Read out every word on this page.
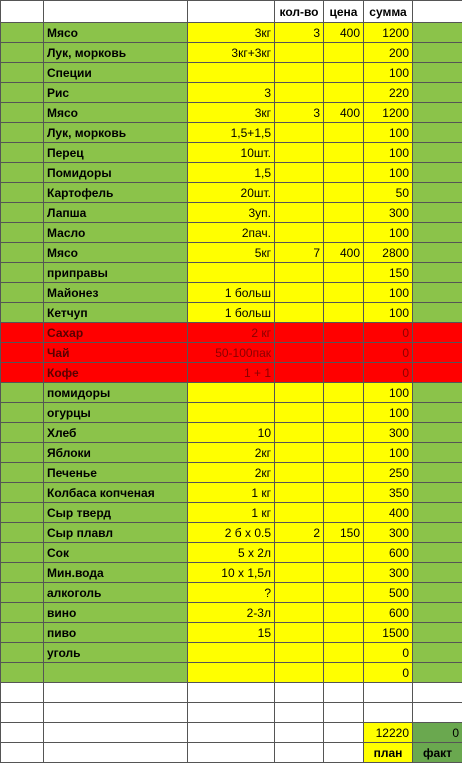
			кол-во	цена	сумма	
	Мясо	3кг	3	400	1200	
	Лук, морковь	3кг+3кг			200	
	Специи				100	
	Рис	3			220	
	Мясо	3кг	3	400	1200	
	Лук, морковь	1,5+1,5			100	
	Перец	10шт.			100	
	Помидоры	1,5			100	
	Картофель	20шт.			50	
	Лапша	3уп.			300	
	Масло	2пач.			100	
	Мясо	5кг	7	400	2800	
	приправы				150	
	Майонез	1 больш			100	
	Кетчуп	1 больш			100	
	Сахар	2 кг			0	
	Чай	50-100пак			0	
	Кофе	1 + 1			0	
	помидоры				100	
	огурцы				100	
	Хлеб	10			300	
	Яблоки	2кг			100	
	Печенье	2кг			250	
	Колбаса копченая	1 кг			350	
	Сыр тверд	1 кг			400	
	Сыр плавл	2 б х 0.5	2	150	300	
	Сок	5 х 2л			600	
	Мин.вода	10 х 1,5л			300	
	алкоголь	?			500	
	вино	2-3л			600	
	пиво	15			1500	
	уголь				0	
					0	

					12220	0
					план	факт
